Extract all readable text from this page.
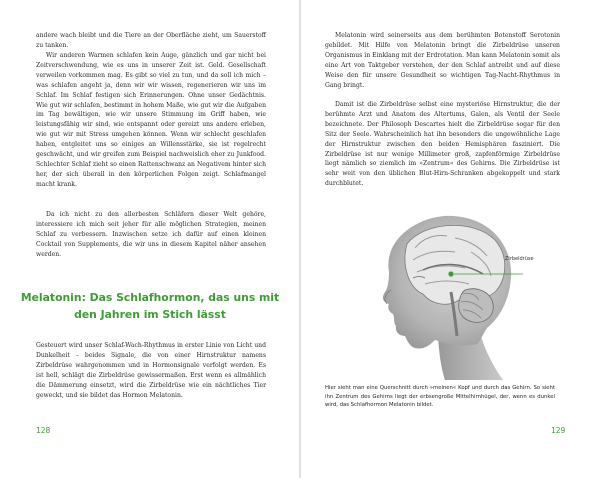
andere wach bleibt und die Tiere an der Oberfläche zieht, um Sauerstoff zu tanken.

Wir anderen Warmen schlafen kein Auge, gänzlich und gar nicht bei Zeitverschwendung, wie es uns in unserer Zeit ist. Geld. Gesellschaft verweilen vorkommen mag. Es gibt so viel zu tun, und da soll ich mich – was schlafen angeht ja, denn wir wir wissen, regenerieren wir uns im Schlaf. Im Schlaf festigen sich Erinnerungen. Ohne unser Gedächtnis. Wie gut wir schlafen, bestimmt in hohem Maße, wie gut wir die Aufgaben im Tag bewältigen, wie wir unsere Stimmung im Griff haben, wie leistungsfähig wir sind, wie entspannt oder gereizt uns andere erleben, wie gut wir mit Stress umgehen können. Wenn wir schlecht geschlafen haben, entgleitet uns so einiges an Willensstärke, sie ist regelrecht geschwächt, und wir greifen zum Beispiel nachweislich eher zu Junkfood. Schlechter Schlaf zieht so einen Rattenschwanz an Negativem hinter sich her, der sich überall in den körperlichen Folgen zeigt. Schlafmangel macht krank.

Da ich nicht zu den allerbesten Schläfern dieser Welt gehöre, interessiere ich mich seit jeher für alle möglichen Strategien, meinen Schlaf zu verbessern. Inzwischen setze ich dafür auf einen kleinen Cocktail von Supplements, die wir uns in diesem Kapitel näher ansehen werden.

Melatonin: Das Schlafhormon, das uns mit den Jahren im Stich lässt

Gesteuert wird unser Schlaf-Wach-Rhythmus in erster Linie von Licht und Dunkelheit – beides Signale, die von einer Hirnstruktur namens Zirbeldrüse wahrgenommen und in Hormonsignale verfolgt werden. Es ist hell, schlägt die Zirbeldrüse gewissermaßen. Erst wenn es allmählich die Dämmerung einsetzt, wird die Zirbeldrüse wie ein nächtliches Tier geweckt, und sie bildet das Hormon Melatonin.

128

Melatonin wird seinerseits aus dem berühmten Botenstoff Serotonin gebildet. Mit Hilfe von Melatonin bringt die Zirbeldrüse unseren Organismus in Einklang mit der Erdrotation. Man kann Melatonin somit als eine Art von Taktgeber verstehen, der den Schlaf antreibt und auf diese Weise den für unsere Gesundheit so wichtigen Tag-Nacht-Rhythmus in Gang bringt.

Damit ist die Zirbeldrüse selbst eine mysteriöse Hirnstruktur, die der berühmte Arzt und Anatom des Altertums, Galen, als Ventil der Seele bezeichnete. Der Philosoph Descartes hielt die Zirbeldrüse sogar für den Sitz der Seele. Wahrscheinlich hat ihn besonders die ungewöhnliche Lage der Hirnstruktur zwischen den beiden Hemisphären fasziniert. Die Zirbeldrüse ist nur wenige Millimeter groß, zapfenförmige Zirbeldrüse liegt nämlich so ziemlich im »Zentrum« des Gehirns. Die Zirbeldrüse ist sehr weit von den üblichen Blut-Hirn-Schranken abgekoppelt und stark durchblutet.

Zirbeldrüse

Hier sieht man eine Querschnitt durch »meinen« Kopf und durch das Gehirn. So sieht ihn Zentrum des Gehirns liegt der erbsengroße Mittelhirnhügel, der, wenn es dunkel wird, das Schlafhormon Melatonin bildet.

129
